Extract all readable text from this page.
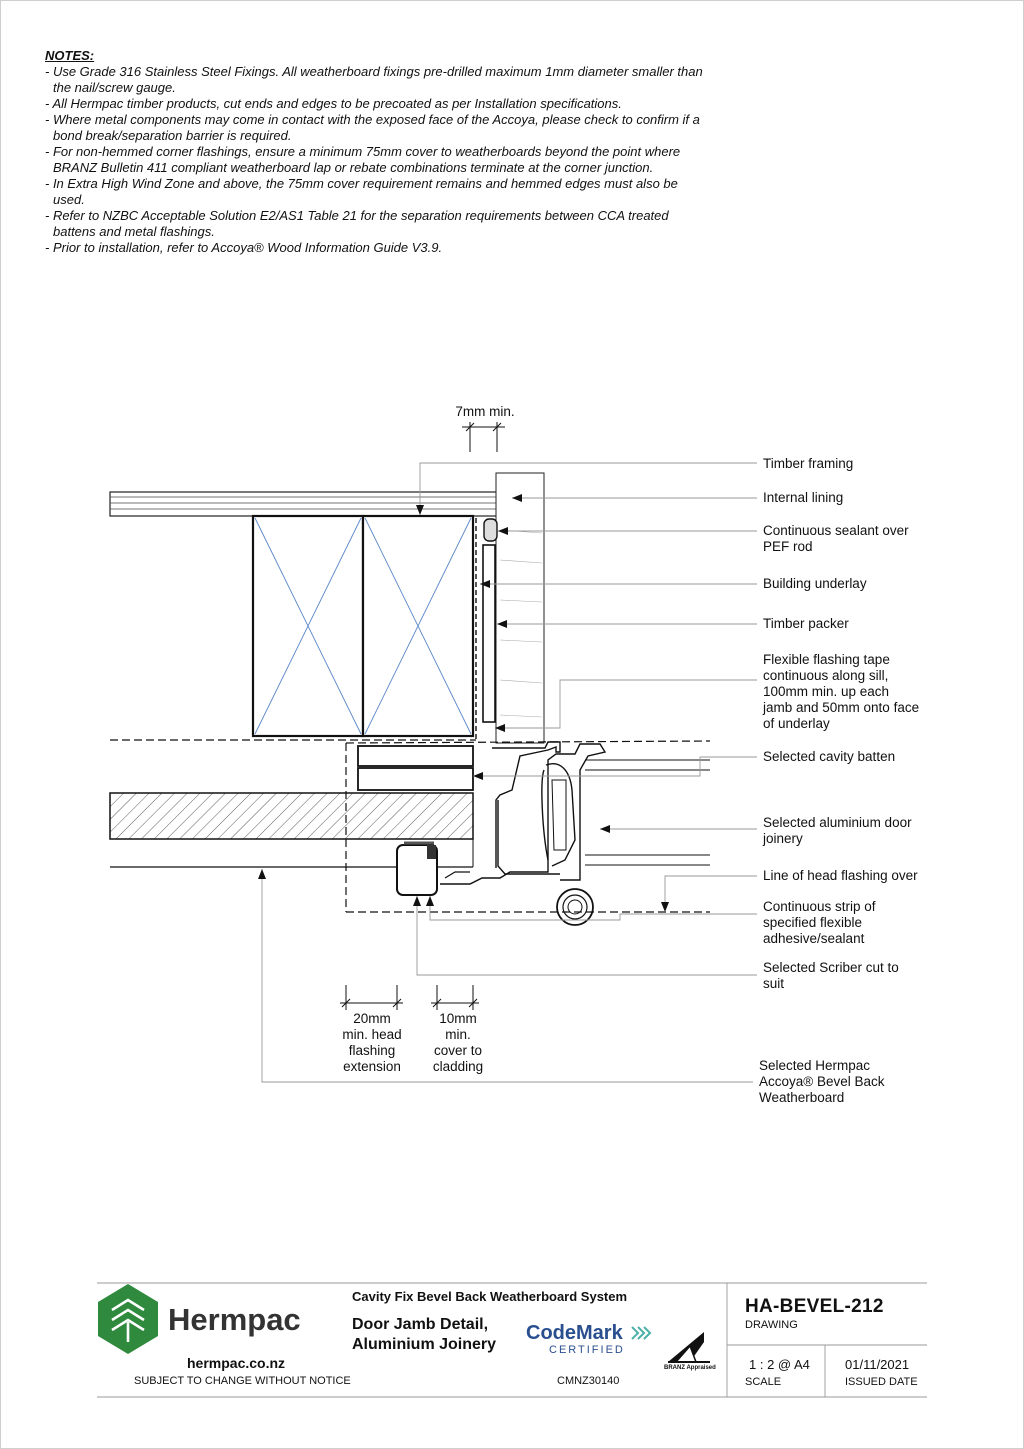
NOTES:
- Use Grade 316 Stainless Steel Fixings. All weatherboard fixings pre-drilled maximum 1mm diameter smaller than the nail/screw gauge.
- All Hermpac timber products, cut ends and edges to be precoated as per Installation specifications.
- Where metal components may come in contact with the exposed face of the Accoya, please check to confirm if a bond break/separation barrier is required.
- For non-hemmed corner flashings, ensure a minimum 75mm cover to weatherboards beyond the point where BRANZ Bulletin 411 compliant weatherboard lap or rebate combinations terminate at the corner junction.
- In Extra High Wind Zone and above, the 75mm cover requirement remains and hemmed edges must also be used.
- Refer to NZBC Acceptable Solution E2/AS1 Table 21 for the separation requirements between CCA treated battens and metal flashings.
- Prior to installation, refer to Accoya® Wood Information Guide V3.9.
Timber framing
Internal lining
Continuous sealant over
PEF rod
Building underlay
Timber packer
Flexible flashing tape
continuous along sill,
100mm min. up each
jamb and 50mm onto face
of underlay
Selected cavity batten
Selected aluminium door
joinery
Line of head flashing over
Continuous strip of
specified flexible
adhesive/sealant
Selected Scriber cut to
suit
Selected Hermpac
Accoya® Bevel Back
Weatherboard
7mm min.
20mm
min. head
flashing
extension
10mm
min.
cover to
cladding
Hermpac
hermpac.co.nz
SUBJECT TO CHANGE WITHOUT NOTICE
Cavity Fix Bevel Back Weatherboard System
Door Jamb Detail,
Aluminium Joinery
CodeMark
CERTIFIED
CMNZ30140
BRANZ Appraised
HA-BEVEL-212
DRAWING
1 : 2 @ A4
SCALE
01/11/2021
ISSUED DATE
